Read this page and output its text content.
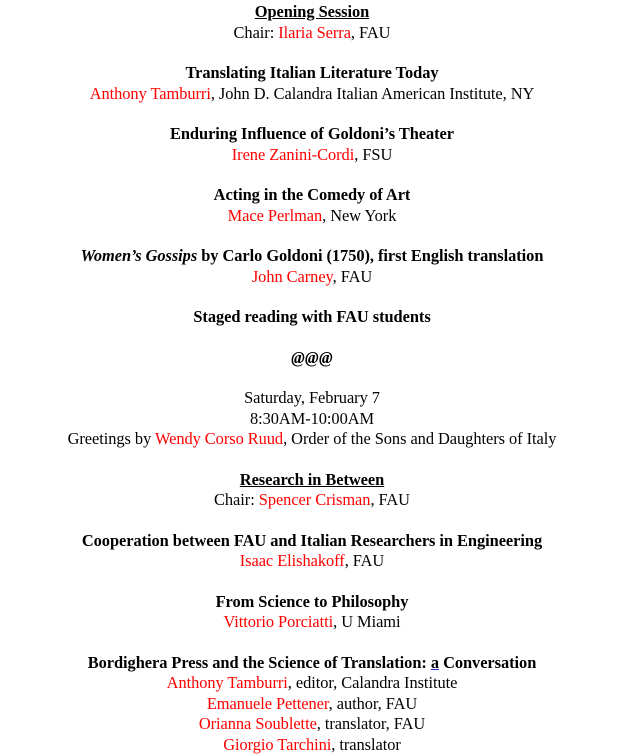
Opening Session
Chair: Ilaria Serra, FAU
Translating Italian Literature Today
Anthony Tamburri, John D. Calandra Italian American Institute, NY
Enduring Influence of Goldoni’s Theater
Irene Zanini-Cordi, FSU
Acting in the Comedy of Art
Mace Perlman, New York
Women’s Gossips by Carlo Goldoni (1750), first English translation
John Carney, FAU
Staged reading with FAU students
@@@
Saturday, February 7
8:30AM-10:00AM
Greetings by Wendy Corso Ruud, Order of the Sons and Daughters of Italy
Research in Between
Chair: Spencer Crisman, FAU
Cooperation between FAU and Italian Researchers in Engineering
Isaac Elishakoff, FAU
From Science to Philosophy
Vittorio Porciatti, U Miami
Bordighera Press and the Science of Translation: a Conversation
Anthony Tamburri, editor, Calandra Institute
Emanuele Pettener, author, FAU
Orianna Soublette, translator, FAU
Giorgio Tarchini, translator
